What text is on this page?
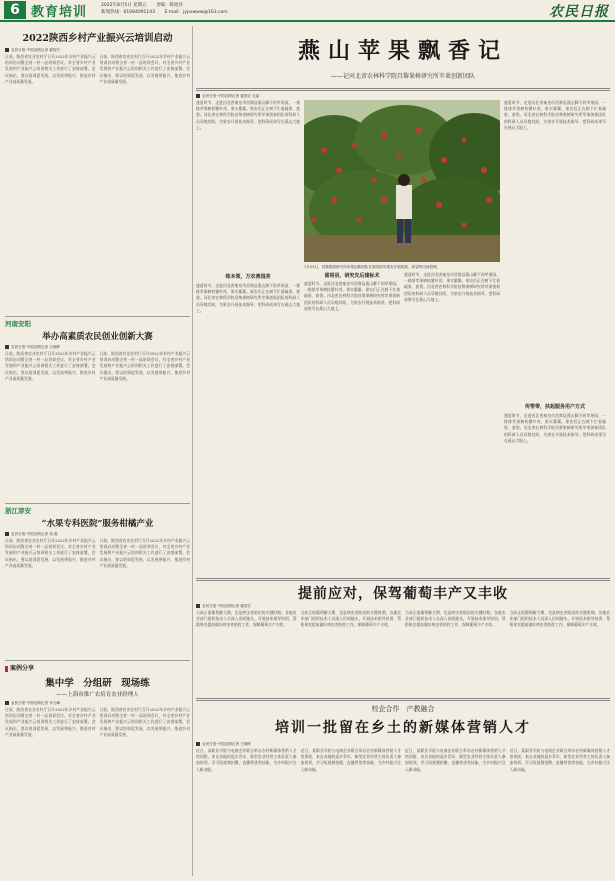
6 教育培训	2022年8月5日 星期五 责编：陈旭亮
新闻热线：01084091143 E-mail：jypxwww@163.com	农民日报
2022陕西乡村产业振兴云培训启动
农民日报·中国农网记者 翟智宏
日前，陕西省农业农村厅召开2022年乡村产业振兴云培训启动暨全省一村一品培训会议，对全省乡村产业发展和产业振兴云培训相关工作进行了安排部署。会议指出，要以培训促发展，以发展带振兴，推进乡村产业高质量发展。
日前，陕西省农业农村厅召开2022年乡村产业振兴云培训启动暨全省一村一品培训会议，对全省乡村产业发展和产业振兴云培训相关工作进行了安排部署。会议指出，要以培训促发展，以发展带振兴，推进乡村产业高质量发展。
河南安阳
举办高素质农民创业创新大赛
农民日报·中国农网记者 王晓晖
日前，陕西省农业农村厅召开2022年乡村产业振兴云培训启动暨全省一村一品培训会议，对全省乡村产业发展和产业振兴云培训相关工作进行了安排部署。会议指出，要以培训促发展，以发展带振兴，推进乡村产业高质量发展。
日前，陕西省农业农村厅召开2022年乡村产业振兴云培训启动暨全省一村一品培训会议，对全省乡村产业发展和产业振兴云培训相关工作进行了安排部署。会议指出，要以培训促发展，以发展带振兴，推进乡村产业高质量发展。
浙江淳安
“水果专科医院”服务柑橘产业
农民日报·中国农网记者 周 磊
日前，陕西省农业农村厅召开2022年乡村产业振兴云培训启动暨全省一村一品培训会议，对全省乡村产业发展和产业振兴云培训相关工作进行了安排部署。会议指出，要以培训促发展，以发展带振兴，推进乡村产业高质量发展。
日前，陕西省农业农村厅召开2022年乡村产业振兴云培训启动暨全省一村一品培训会议，对全省乡村产业发展和产业振兴云培训相关工作进行了安排部署。会议指出，要以培训促发展，以发展带振兴，推进乡村产业高质量发展。
案例分享
集中学　分组研　现场练
——上海市推广农培育农业经理人
农民日报·中国农网记者 李文峰
日前，陕西省农业农村厅召开2022年乡村产业振兴云培训启动暨全省一村一品培训会议，对全省乡村产业发展和产业振兴云培训相关工作进行了安排部署。会议指出，要以培训促发展，以发展带振兴，推进乡村产业高质量发展。
日前，陕西省农业农村厅召开2022年乡村产业振兴云培训启动暨全省一村一品培训会议，对全省乡村产业发展和产业振兴云培训相关工作进行了安排部署。会议指出，要以培训促发展，以发展带振兴，推进乡村产业高质量发展。
燕山苹果飘香记
——记河北省农林科学院昌黎果树研究所苹果创新团队
农民日报·中国农网记者 翟智宏 毛晶
盛夏时节，走进河北省秦皇市昌黎县燕山脚下的苹果园，一排排苹果树枝繁叶茂，果实累累。果农们正在树下忙着疏果、套袋。河北省农林科学院昌黎果树研究所苹果创新团队的科研人员穿梭其间，为果农开展技术指导，把科研成果写在燕山大地上。
练本领，万农善园美
盛夏时节，走进河北省秦皇市昌黎县燕山脚下的苹果园，一排排苹果树枝繁叶茂，果实累累。果农们正在树下忙着疏果、套袋。河北省农林科学院昌黎果树研究所苹果创新团队的科研人员穿梭其间，为果农开展技术指导，把科研成果写在燕山大地上。
富裕县，研究先后建标术
盛夏时节，走进河北省秦皇市昌黎县燕山脚下的苹果园，一排排苹果树枝繁叶茂，果实累累。果农们正在树下忙着疏果、套袋。河北省农林科学院昌黎果树研究所苹果创新团队的科研人员穿梭其间，为果农开展技术指导，把科研成果写在燕山大地上。
盛夏时节，走进河北省秦皇市昌黎县燕山脚下的苹果园，一排排苹果树枝繁叶茂，果实累累。果农们正在树下忙着疏果、套袋。河北省农林科学院昌黎果树研究所苹果创新团队的科研人员穿梭其间，为果农开展技术指导，把科研成果写在燕山大地上。
盛夏时节，走进河北省秦皇市昌黎县燕山脚下的苹果园，一排排苹果树枝繁叶茂，果实累累。果农们正在树下忙着疏果、套袋。河北省农林科学院昌黎果树研究所苹果创新团队的科研人员穿梭其间，为果农开展技术指导，把科研成果写在燕山大地上。
传帮带，扶起服务用户方式
盛夏时节，走进河北省秦皇市昌黎县燕山脚下的苹果园，一排排苹果树枝繁叶茂，果实累累。果农们正在树下忙着疏果、套袋。河北省农林科学院昌黎果树研究所苹果创新团队的科研人员穿梭其间，为果农开展技术指导，把科研成果写在燕山大地上。
7月23日，昌黎果树研究所苹果创新团队在果园指导果农开展疏果、套袋等田间管理。
提前应对，保驾葡萄丰产又丰收
农民日报·中国农网记者 翟智宏
当前正值葡萄膨大期，也是病虫害防治的关键时期。各地农业部门组织技术人员深入田间地头，开展技术指导培训，帮助果农提前做好病虫害防控工作，保障葡萄丰产丰收。
当前正值葡萄膨大期，也是病虫害防治的关键时期。各地农业部门组织技术人员深入田间地头，开展技术指导培训，帮助果农提前做好病虫害防控工作，保障葡萄丰产丰收。
当前正值葡萄膨大期，也是病虫害防治的关键时期。各地农业部门组织技术人员深入田间地头，开展技术指导培训，帮助果农提前做好病虫害防控工作，保障葡萄丰产丰收。
当前正值葡萄膨大期，也是病虫害防治的关键时期。各地农业部门组织技术人员深入田间地头，开展技术指导培训，帮助果农提前做好病虫害防控工作，保障葡萄丰产丰收。
校企合作　产教融合
培训一批留在乡土的新媒体营销人才
农民日报·中国农网记者 王晓晖
近日，某职业学院与电商企业联合举办农村新媒体营销人才培训班，来自各地的返乡青年、新型农业经营主体负责人参加培训，学习短视频拍摄、直播带货等技能，为乡村振兴注入新动能。
近日，某职业学院与电商企业联合举办农村新媒体营销人才培训班，来自各地的返乡青年、新型农业经营主体负责人参加培训，学习短视频拍摄、直播带货等技能，为乡村振兴注入新动能。
近日，某职业学院与电商企业联合举办农村新媒体营销人才培训班，来自各地的返乡青年、新型农业经营主体负责人参加培训，学习短视频拍摄、直播带货等技能，为乡村振兴注入新动能。
近日，某职业学院与电商企业联合举办农村新媒体营销人才培训班，来自各地的返乡青年、新型农业经营主体负责人参加培训，学习短视频拍摄、直播带货等技能，为乡村振兴注入新动能。
